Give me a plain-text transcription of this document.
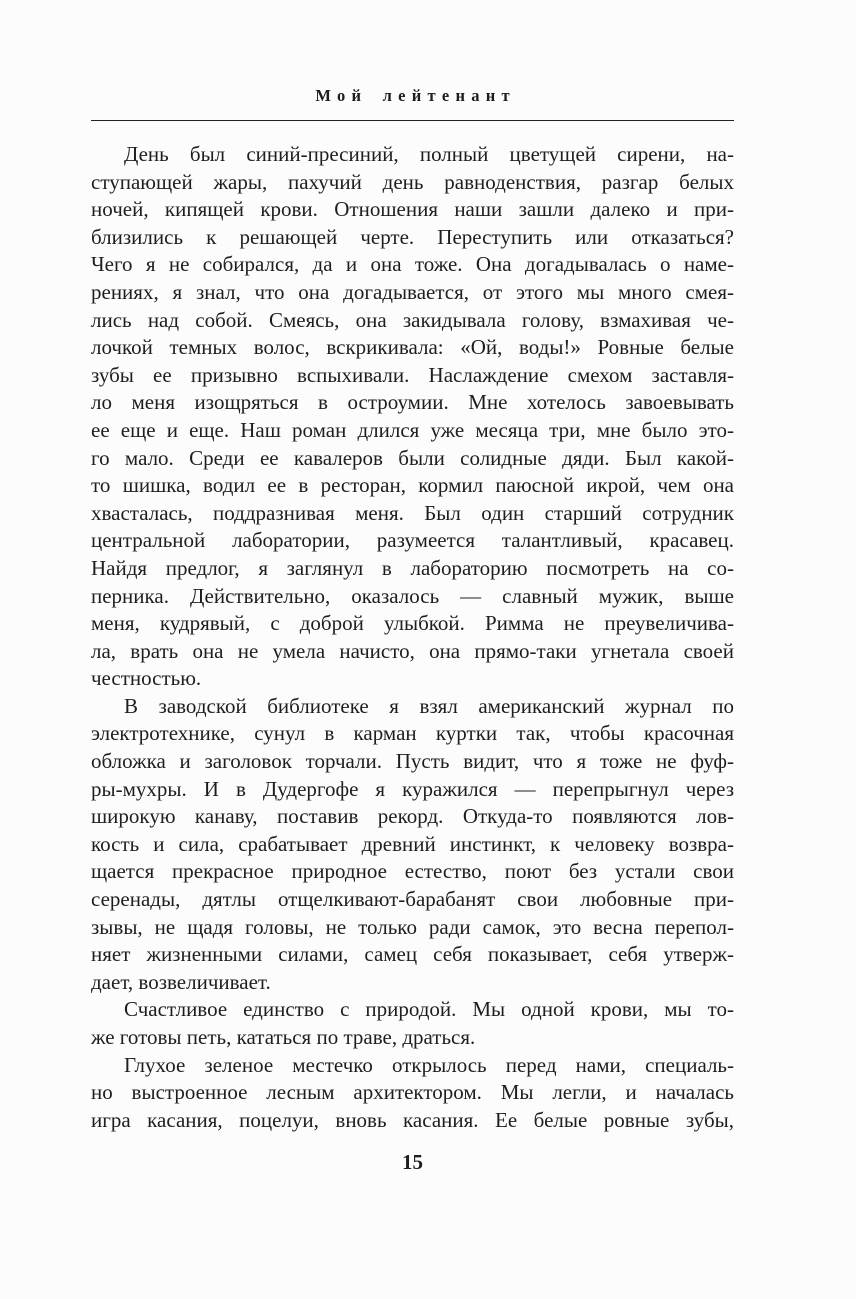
Мой лейтенант
День был синий-пресиний, полный цветущей сирени, на-
ступающей жары, пахучий день равноденствия, разгар белых
ночей, кипящей крови. Отношения наши зашли далеко и при-
близились к решающей черте. Переступить или отказаться?
Чего я не собирался, да и она тоже. Она догадывалась о наме-
рениях, я знал, что она догадывается, от этого мы много смея-
лись над собой. Смеясь, она закидывала голову, взмахивая че-
лочкой темных волос, вскрикивала: «Ой, воды!» Ровные белые
зубы ее призывно вспыхивали. Наслаждение смехом заставля-
ло меня изощряться в остроумии. Мне хотелось завоевывать
ее еще и еще. Наш роман длился уже месяца три, мне было это-
го мало. Среди ее кавалеров были солидные дяди. Был какой-
то шишка, водил ее в ресторан, кормил паюсной икрой, чем она
хвасталась, поддразнивая меня. Был один старший сотрудник
центральной лаборатории, разумеется талантливый, красавец.
Найдя предлог, я заглянул в лабораторию посмотреть на со-
перника. Действительно, оказалось — славный мужик, выше
меня, кудрявый, с доброй улыбкой. Римма не преувеличива-
ла, врать она не умела начисто, она прямо-таки угнетала своей
честностью.
В заводской библиотеке я взял американский журнал по
электротехнике, сунул в карман куртки так, чтобы красочная
обложка и заголовок торчали. Пусть видит, что я тоже не фуф-
ры-мухры. И в Дудергофе я куражился — перепрыгнул через
широкую канаву, поставив рекорд. Откуда-то появляются лов-
кость и сила, срабатывает древний инстинкт, к человеку возвра-
щается прекрасное природное естество, поют без устали свои
серенады, дятлы отщелкивают-барабанят свои любовные при-
зывы, не щадя головы, не только ради самок, это весна перепол-
няет жизненными силами, самец себя показывает, себя утверж-
дает, возвеличивает.
Счастливое единство с природой. Мы одной крови, мы то-
же готовы петь, кататься по траве, драться.
Глухое зеленое местечко открылось перед нами, специаль-
но выстроенное лесным архитектором. Мы легли, и началась
игра касания, поцелуи, вновь касания. Ее белые ровные зубы,
15
